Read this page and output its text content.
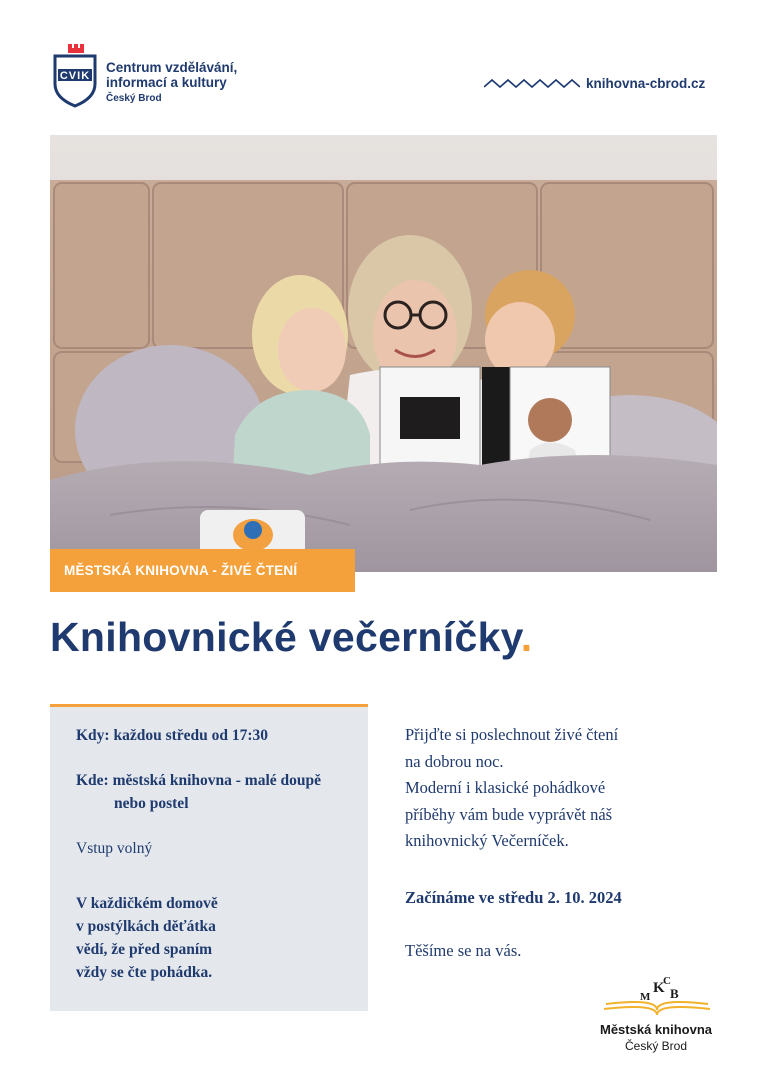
CVIK
Centrum vzdělávání,
informací a kultury
Český Brod
knihovna-cbrod.cz
MĚSTSKÁ KNIHOVNA - ŽIVÉ ČTENÍ
Knihovnické večerníčky.
Kdy: každou středu od 17:30
Kde: městská knihovna - malé doupě
nebo postel
Vstup volný
V každičkém domově
v postýlkách děťátka
vědí, že před spaním
vždy se čte pohádka.
Přijďte si poslechnout živé čtení
na dobrou noc.
Moderní i klasické pohádkové
příběhy vám bude vyprávět náš
knihovnický Večerníček.
Začínáme ve středu 2. 10. 2024
Těšíme se na vás.
M
K
C
B
Městská knihovna
Český Brod
